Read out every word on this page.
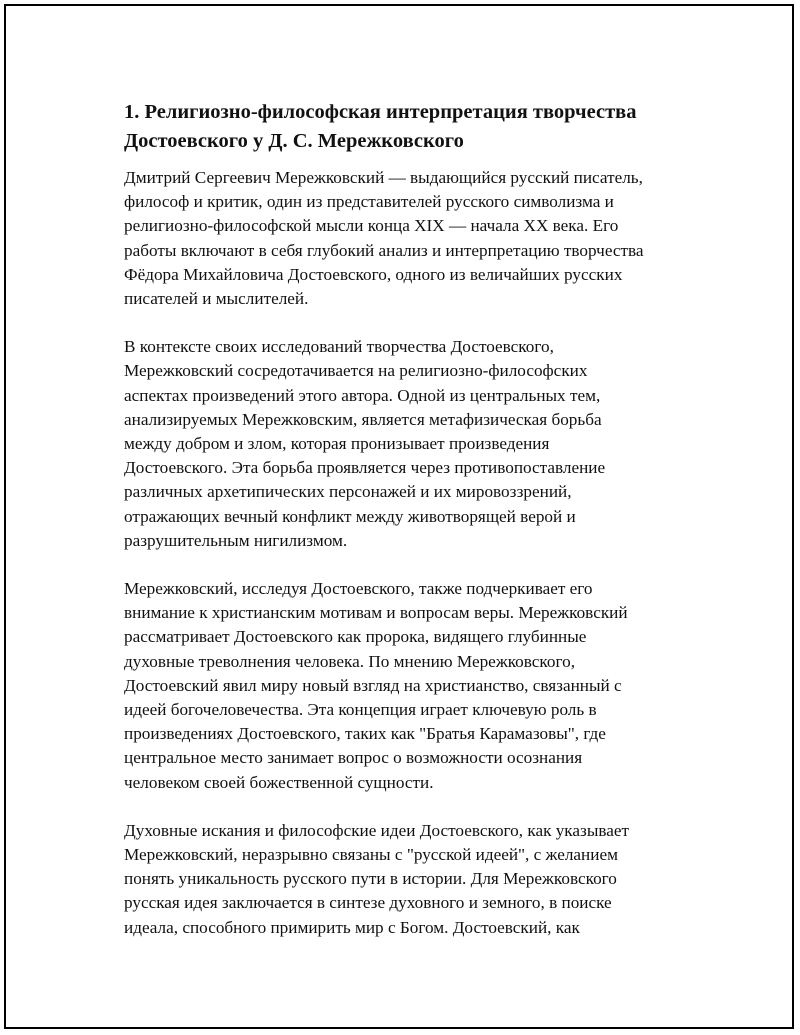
1. Религиозно-философская интерпретация творчества
Достоевского у Д. С. Мережковского

Дмитрий Сергеевич Мережковский — выдающийся русский писатель,
философ и критик, один из представителей русского символизма и
религиозно-философской мысли конца XIX — начала XX века. Его
работы включают в себя глубокий анализ и интерпретацию творчества
Фёдора Михайловича Достоевского, одного из величайших русских
писателей и мыслителей.

В контексте своих исследований творчества Достоевского,
Мережковский сосредотачивается на религиозно-философских
аспектах произведений этого автора. Одной из центральных тем,
анализируемых Мережковским, является метафизическая борьба
между добром и злом, которая пронизывает произведения
Достоевского. Эта борьба проявляется через противопоставление
различных архетипических персонажей и их мировоззрений,
отражающих вечный конфликт между животворящей верой и
разрушительным нигилизмом.

Мережковский, исследуя Достоевского, также подчеркивает его
внимание к христианским мотивам и вопросам веры. Мережковский
рассматривает Достоевского как пророка, видящего глубинные
духовные треволнения человека. По мнению Мережковского,
Достоевский явил миру новый взгляд на христианство, связанный с
идеей богочеловечества. Эта концепция играет ключевую роль в
произведениях Достоевского, таких как "Братья Карамазовы", где
центральное место занимает вопрос о возможности осознания
человеком своей божественной сущности.

Духовные искания и философские идеи Достоевского, как указывает
Мережковский, неразрывно связаны с "русской идеей", с желанием
понять уникальность русского пути в истории. Для Мережковского
русская идея заключается в синтезе духовного и земного, в поиске
идеала, способного примирить мир с Богом. Достоевский, как
